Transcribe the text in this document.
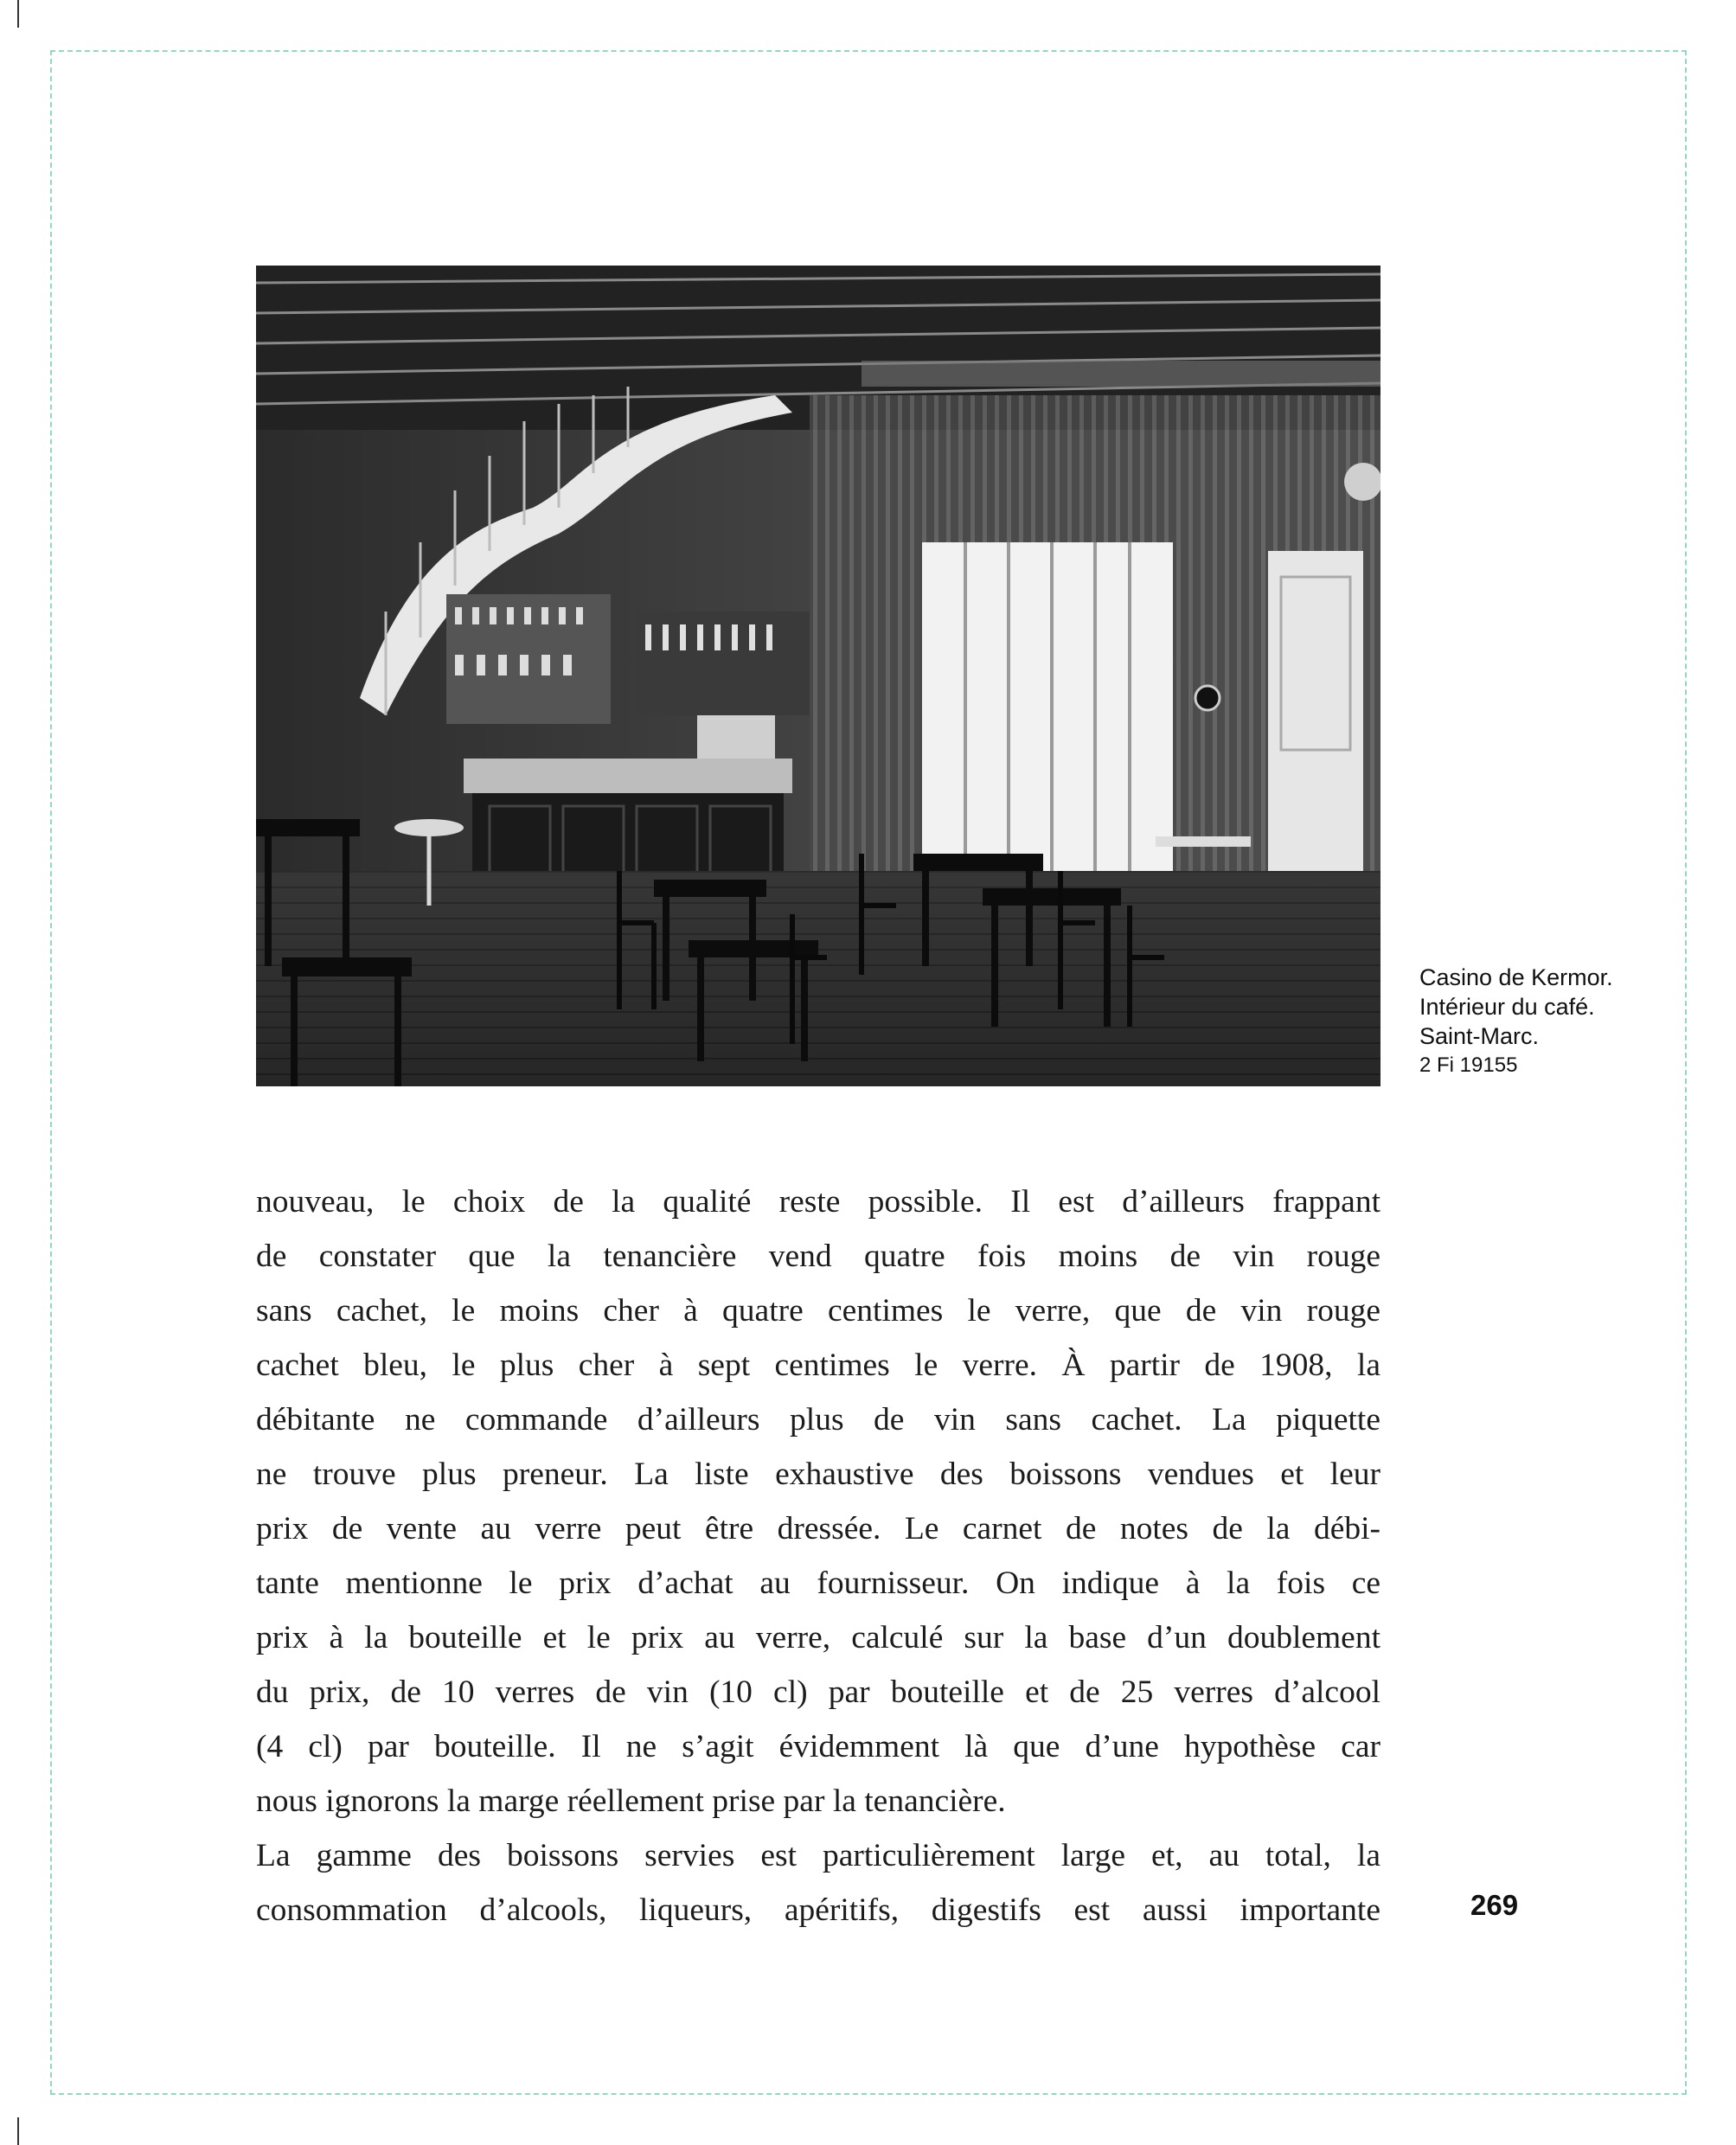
Casino de Kermor.
Intérieur du café.
Saint-Marc.
2 Fi 19155
nouveau, le choix de la qualité reste possible. Il est d’ailleurs frappant
de constater que la tenancière vend quatre fois moins de vin rouge
sans cachet, le moins cher à quatre centimes le verre, que de vin rouge
cachet bleu, le plus cher à sept centimes le verre. À partir de 1908, la
débitante ne commande d’ailleurs plus de vin sans cachet. La piquette
ne trouve plus preneur. La liste exhaustive des boissons vendues et leur
prix de vente au verre peut être dressée. Le carnet de notes de la débi-
tante mentionne le prix d’achat au fournisseur. On indique à la fois ce
prix à la bouteille et le prix au verre, calculé sur la base d’un doublement
du prix, de 10 verres de vin (10 cl) par bouteille et de 25 verres d’alcool
(4 cl) par bouteille. Il ne s’agit évidemment là que d’une hypothèse car
nous ignorons la marge réellement prise par la tenancière.
La gamme des boissons servies est particulièrement large et, au total, la
consommation d’alcools, liqueurs, apéritifs, digestifs est aussi importante	269
